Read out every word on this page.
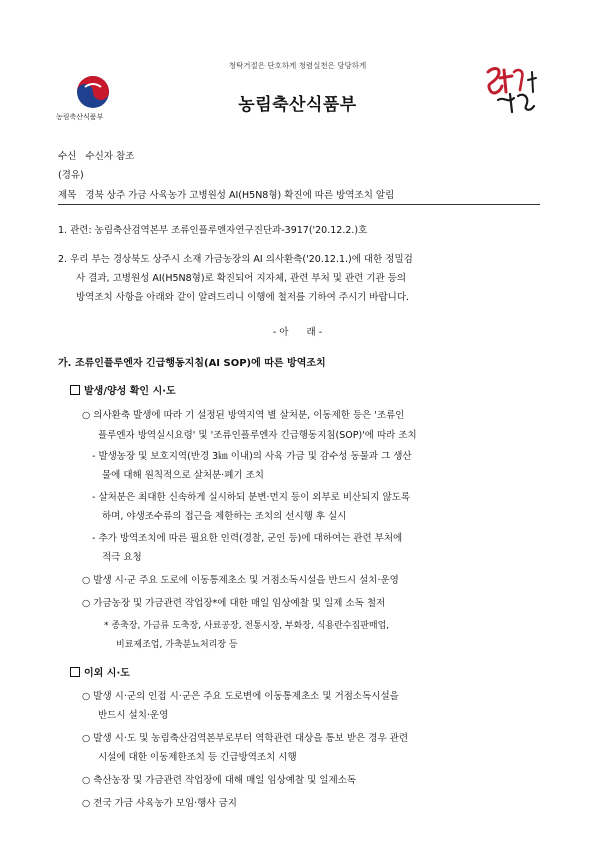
청탁거절은 단호하게 청렴실천은 당당하게
농림축산식품부
농림축산식품부
수신 수신자 참조
(경유)
제목 경북 상주 가금 사육농가 고병원성 AI(H5N8형) 확진에 따른 방역조치 알림
1. 관련: 농림축산검역본부 조류인플루엔자연구진단과-3917('20.12.2.)호
2. 우리 부는 경상북도 상주시 소재 가금농장의 AI 의사환축('20.12.1.)에 대한 정밀검
사 결과, 고병원성 AI(H5N8형)로 확진되어 지자체, 관련 부처 및 관련 기관 등의
방역조치 사항을 아래와 같이 알려드리니 이행에 철저를 기하여 주시기 바랍니다.
- 아      래 -
가. 조류인플루엔자 긴급행동지침(AI SOP)에 따른 방역조치
발생/양성 확인 시·도
○ 의사환축 발생에 따라 기 설정된 방역지역 별 살처분, 이동제한 등은 '조류인
플루엔자 방역실시요령' 및 '조류인플루엔자 긴급행동지침(SOP)'에 따라 조치
- 발생농장 및 보호지역(반경 3㎞ 이내)의 사육 가금 및 감수성 동물과 그 생산
물에 대해 원칙적으로 살처분·폐기 조치
- 살처분은 최대한 신속하게 실시하되 분변·먼지 등이 외부로 비산되지 않도록
하며, 야생조수류의 접근을 제한하는 조치의 선시행 후 실시
- 추가 방역조치에 따른 필요한 인력(경찰, 군인 등)에 대하여는 관련 부처에
적극 요청
○ 발생 시·군 주요 도로에 이동통제초소 및 거점소독시설을 반드시 설치·운영
○ 가금농장 및 가금관련 작업장*에 대한 매일 임상예찰 및 일제 소독 철저
* 종축장, 가금류 도축장, 사료공장, 전통시장, 부화장, 식용란수집판매업,
비료제조업, 가축분뇨처리장 등
이외 시·도
○ 발생 시·군의 인접 시·군은 주요 도로변에 이동통제초소 및 거점소독시설을
반드시 설치·운영
○ 발생 시·도 및 농림축산검역본부로부터 역학관련 대상을 통보 받은 경우 관련
시설에 대한 이동제한조치 등 긴급방역조치 시행
○ 축산농장 및 가금관련 작업장에 대해 매일 임상예찰 및 일제소독
○ 전국 가금 사육농가 모임·행사 금지
